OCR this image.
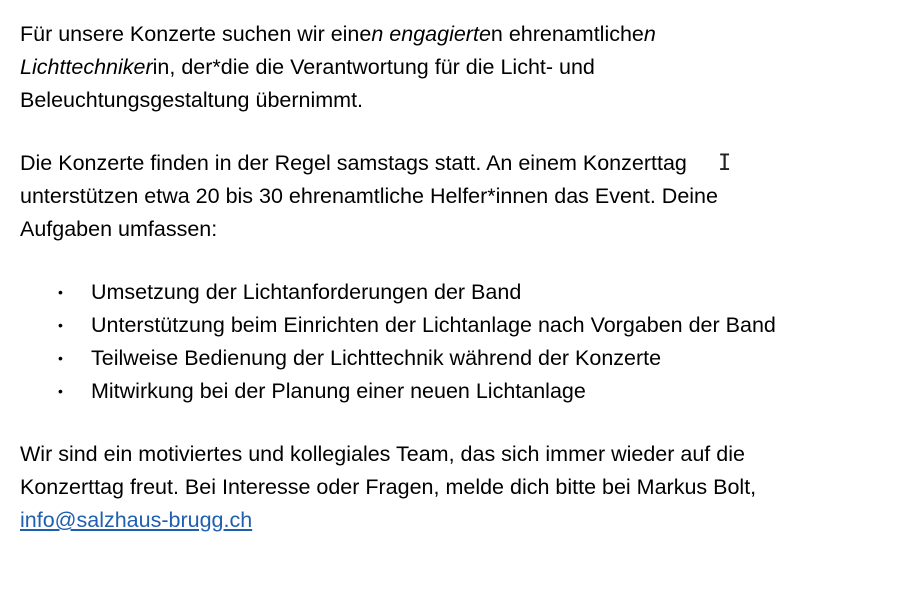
Für unsere Konzerte suchen wir einen engagierten ehrenamtlichen
Lichttechnikerin, der*die die Verantwortung für die Licht- und
Beleuchtungsgestaltung übernimmt.

Die Konzerte finden in der Regel samstags statt. An einem Konzerttag
unterstützen etwa 20 bis 30 ehrenamtliche Helfer*innen das Event. Deine
Aufgaben umfassen:

• Umsetzung der Lichtanforderungen der Band
• Unterstützung beim Einrichten der Lichtanlage nach Vorgaben der Band
• Teilweise Bedienung der Lichttechnik während der Konzerte
• Mitwirkung bei der Planung einer neuen Lichtanlage

Wir sind ein motiviertes und kollegiales Team, das sich immer wieder auf die
Konzerttag freut. Bei Interesse oder Fragen, melde dich bitte bei Markus Bolt,
info@salzhaus-brugg.ch

I
